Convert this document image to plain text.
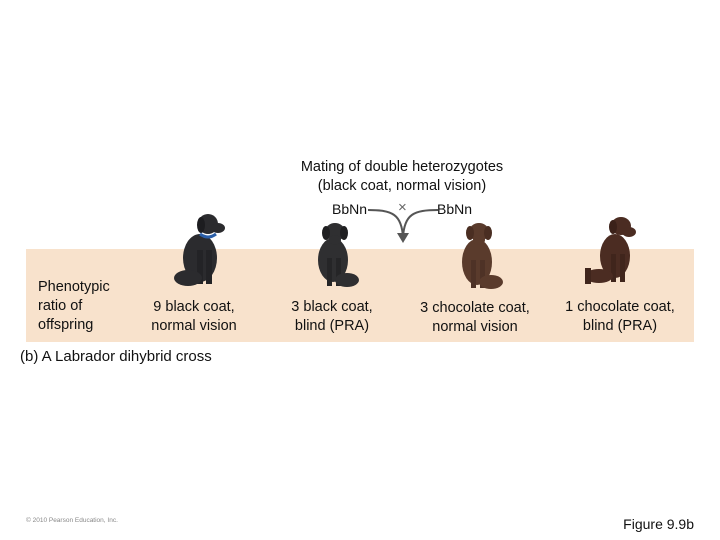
Mating of double heterozygotes
(black coat, normal vision)
BbNn × BbNn
Phenotypic
ratio of
offspring
9 black coat,
normal vision
3 black coat,
blind (PRA)
3 chocolate coat,
normal vision
1 chocolate coat,
blind (PRA)
(b) A Labrador dihybrid cross
© 2010 Pearson Education, Inc.	Figure 9.9b
